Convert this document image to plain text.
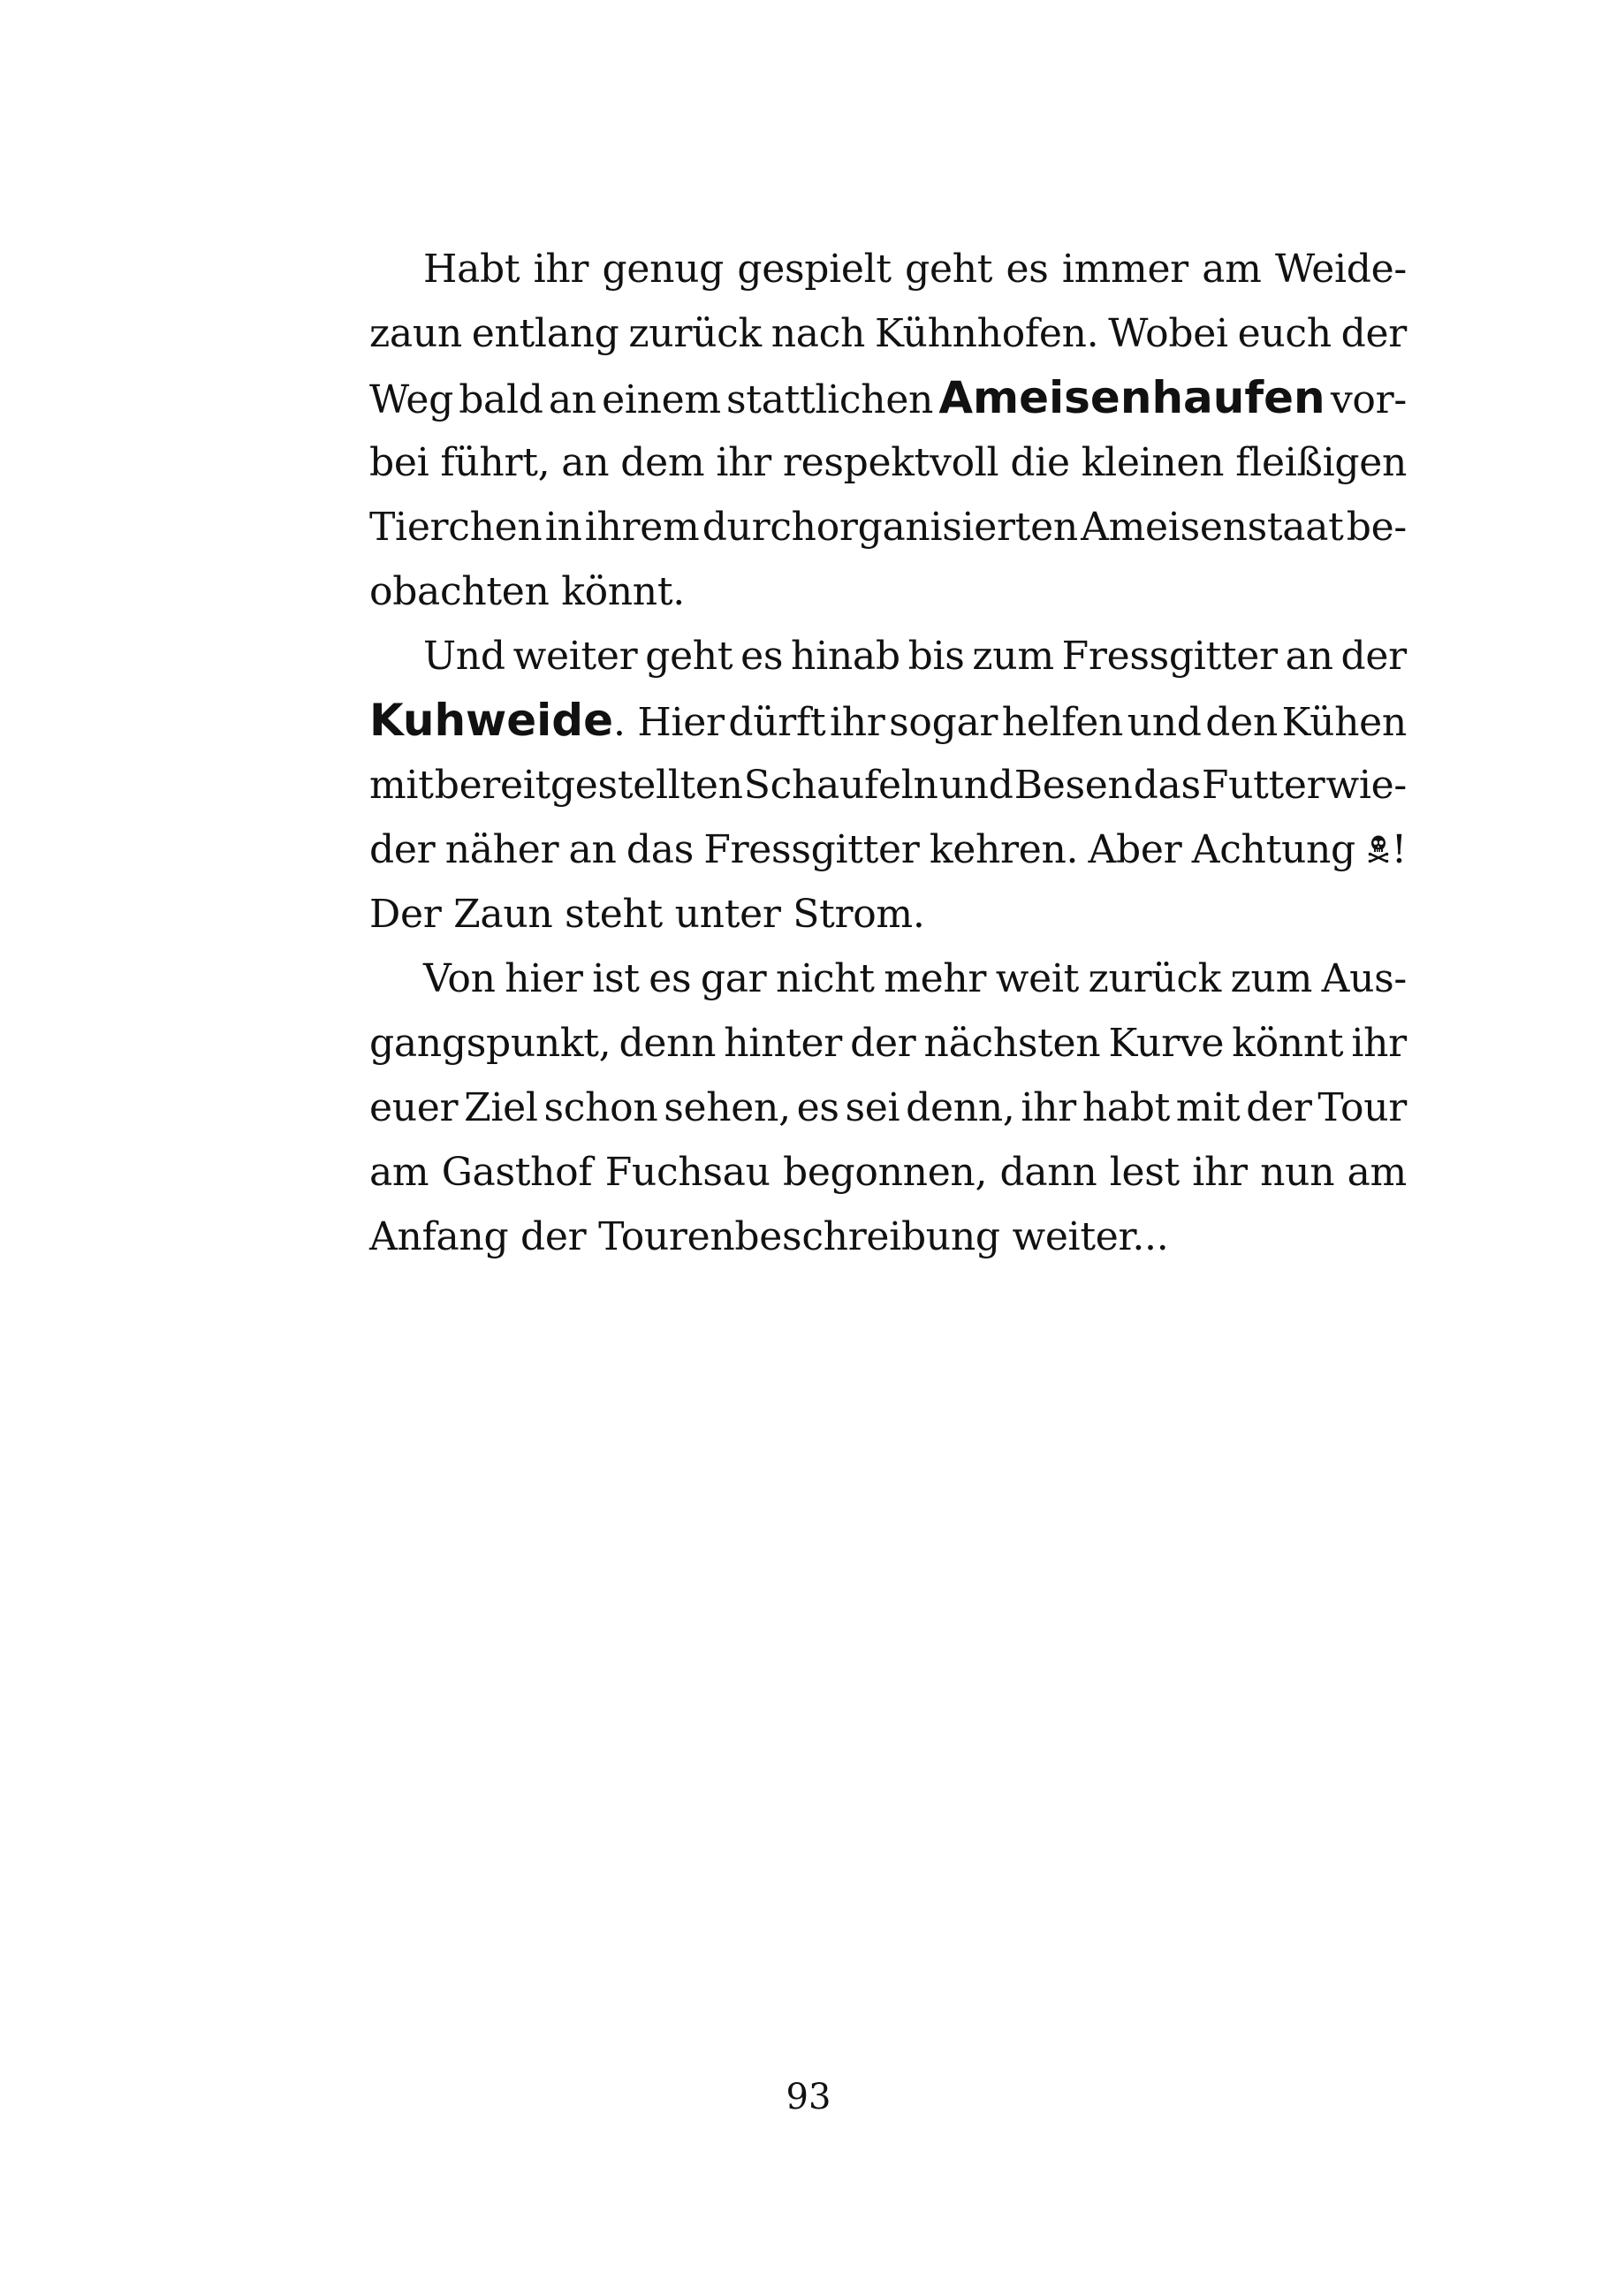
Habt ihr genug gespielt geht es immer am Weide-
zaun entlang zurück nach Kühnhofen. Wobei euch der
Weg bald an einem stattlichen Ameisenhaufen vor-
bei führt, an dem ihr respektvoll die kleinen fleißigen
Tierchen in ihrem durchorganisierten Ameisenstaat be-
obachten
könnt.
Und weiter geht es hinab bis zum Fressgitter an der
Kuhweide. Hier dürft ihr sogar helfen und den Kühen
mit bereitgestellten Schaufeln und Besen das Futter wie-
der näher an das Fressgitter kehren. Aber Achtung !
Der
Zaun
steht
unter
Strom.
Von hier ist es gar nicht mehr weit zurück zum Aus-
gangspunkt, denn hinter der nächsten Kurve könnt ihr
euer Ziel schon sehen, es sei denn, ihr habt mit der Tour
am Gasthof Fuchsau begonnen, dann lest ihr nun am
Anfang
der
Tourenbeschreibung
weiter...
93
